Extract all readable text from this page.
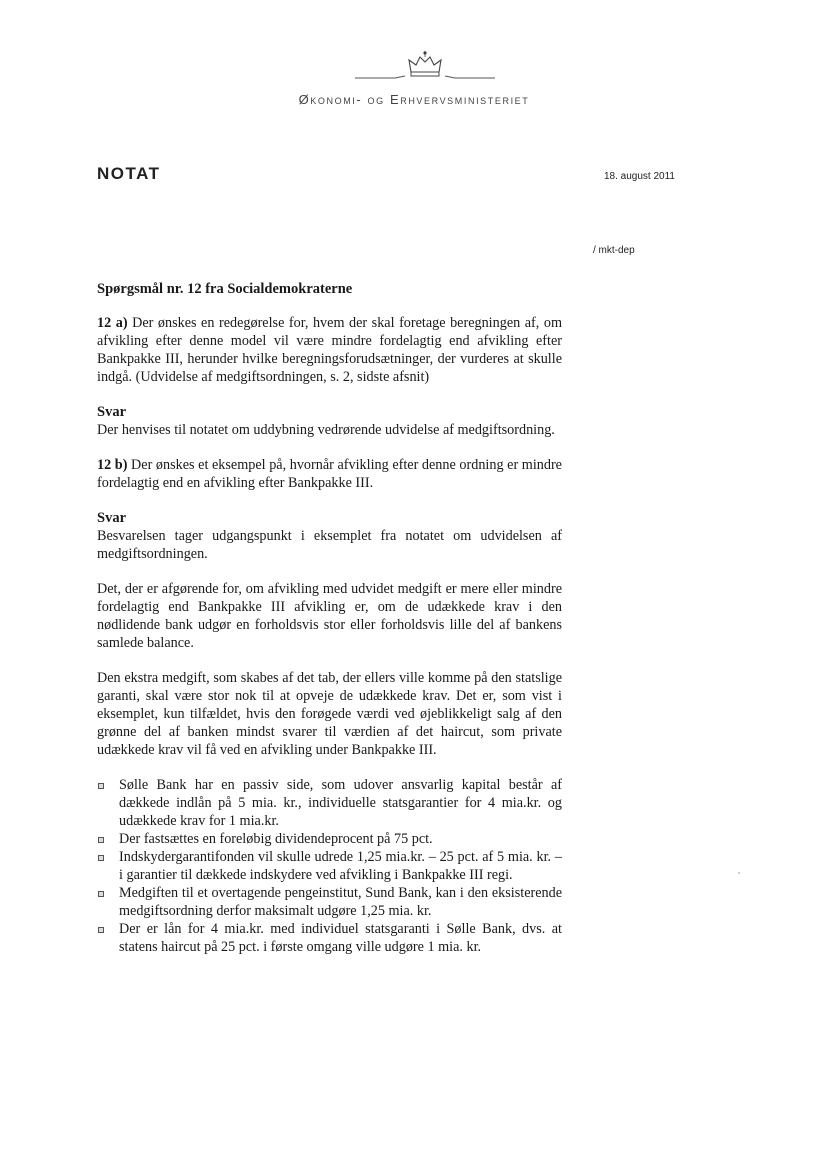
Økonomi- og Erhvervsministeriet
NOTAT	18. august 2011
/ mkt-dep
Spørgsmål nr. 12 fra Socialdemokraterne

12 a) Der ønskes en redegørelse for, hvem der skal foretage beregningen af, om afvikling efter denne model vil være mindre fordelagtig end afvikling efter Bankpakke III, herunder hvilke beregningsforudsætninger, der vurderes at skulle indgå. (Udvidelse af medgiftsordningen, s. 2, sidste afsnit)

Svar
Der henvises til notatet om uddybning vedrørende udvidelse af medgiftsordning.

12 b) Der ønskes et eksempel på, hvornår afvikling efter denne ordning er mindre fordelagtig end en afvikling efter Bankpakke III.

Svar
Besvarelsen tager udgangspunkt i eksemplet fra notatet om udvidelsen af medgiftsordningen.

Det, der er afgørende for, om afvikling med udvidet medgift er mere eller mindre fordelagtig end Bankpakke III afvikling er, om de udækkede krav i den nødlidende bank udgør en forholdsvis stor eller forholdsvis lille del af bankens samlede balance.

Den ekstra medgift, som skabes af det tab, der ellers ville komme på den statslige garanti, skal være stor nok til at opveje de udækkede krav. Det er, som vist i eksemplet, kun tilfældet, hvis den forøgede værdi ved øjeblikkeligt salg af den grønne del af banken mindst svarer til værdien af det haircut, som private udækkede krav vil få ved en afvikling under Bankpakke III.

Sølle Bank har en passiv side, som udover ansvarlig kapital består af dækkede indlån på 5 mia. kr., individuelle statsgarantier for 4 mia.kr. og udækkede krav for 1 mia.kr.
Der fastsættes en foreløbig dividendeprocent på 75 pct.
Indskydergarantifonden vil skulle udrede 1,25 mia.kr. – 25 pct. af 5 mia. kr. – i garantier til dækkede indskydere ved afvikling i Bankpakke III regi.
Medgiften til et overtagende pengeinstitut, Sund Bank, kan i den eksisterende medgiftsordning derfor maksimalt udgøre 1,25 mia. kr.
Der er lån for 4 mia.kr. med individuel statsgaranti i Sølle Bank, dvs. at statens haircut på 25 pct. i første omgang ville udgøre 1 mia. kr.
